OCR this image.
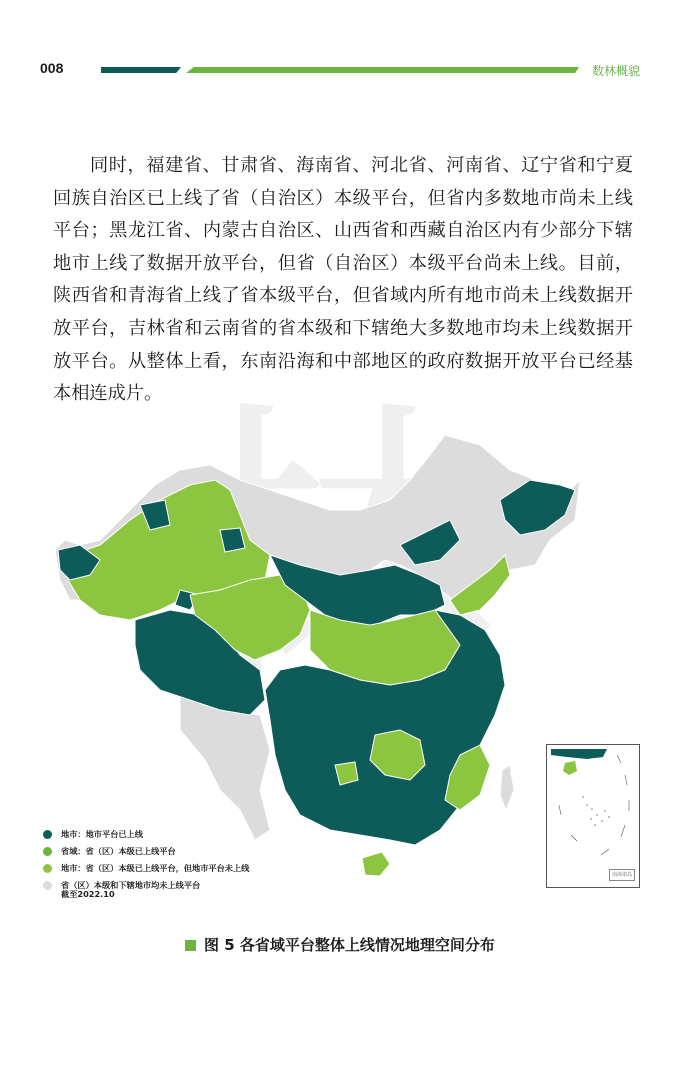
008	数林概貌

同时，福建省、甘肃省、海南省、河北省、河南省、辽宁省和宁夏回族自治区已上线了省（自治区）本级平台，但省内多数地市尚未上线平台；黑龙江省、内蒙古自治区、山西省和西藏自治区内有少部分下辖地市上线了数据开放平台，但省（自治区）本级平台尚未上线。目前，陕西省和青海省上线了省本级平台，但省域内所有地市尚未上线数据开放平台，吉林省和云南省的省本级和下辖绝大多数地市均未上线数据开放平台。从整体上看，东南沿海和中部地区的政府数据开放平台已经基本相连成片。

南海诸岛
地市：地市平台已上线
省域：省（区）本级已上线平台
地市：省（区）本级已上线平台，但地市平台未上线
省（区）本级和下辖地市均未上线平台
截至2022.10
图 5 各省域平台整体上线情况地理空间分布
